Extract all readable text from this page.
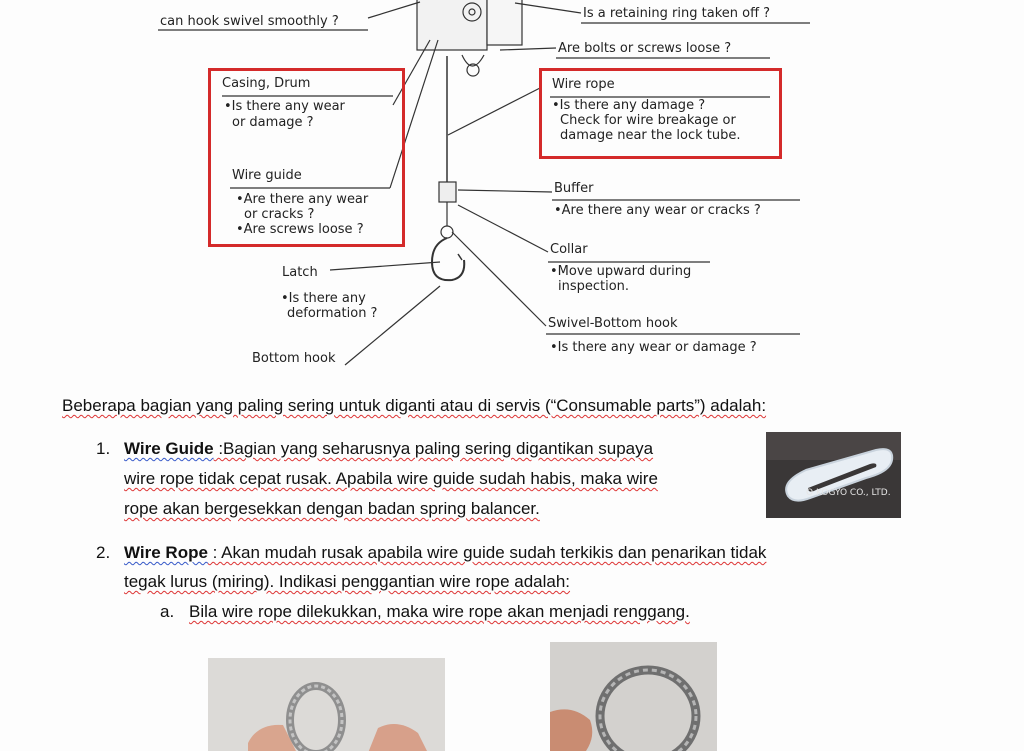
can hook swivel smoothly ?
Is a retaining ring taken off ?
Are bolts or screws loose ?
Casing, Drum
•Is there any wear
or damage ?
Wire guide
•Are there any wear
or cracks ?
•Are screws loose ?
Wire rope
•Is there any damage ?
Check for wire breakage or
damage near the lock tube.
Buffer
•Are there any wear or cracks ?
Collar
•Move upward during
inspection.
Latch
•Is there any
deformation ?
Swivel-Bottom hook
•Is there any wear or damage ?
Bottom hook
Beberapa bagian yang paling sering untuk diganti atau di servis (“Consumable parts”) adalah:
1. Wire Guide :Bagian yang seharusnya paling sering digantikan supaya
wire rope tidak cepat rusak. Apabila wire guide sudah habis, maka wire
rope akan bergesekkan dengan badan spring balancer.
O KOGYO CO., LTD.
2. Wire Rope : Akan mudah rusak apabila wire guide sudah terkikis dan penarikan tidak
tegak lurus (miring). Indikasi penggantian wire rope adalah:
a. Bila wire rope dilekukkan, maka wire rope akan menjadi renggang.
